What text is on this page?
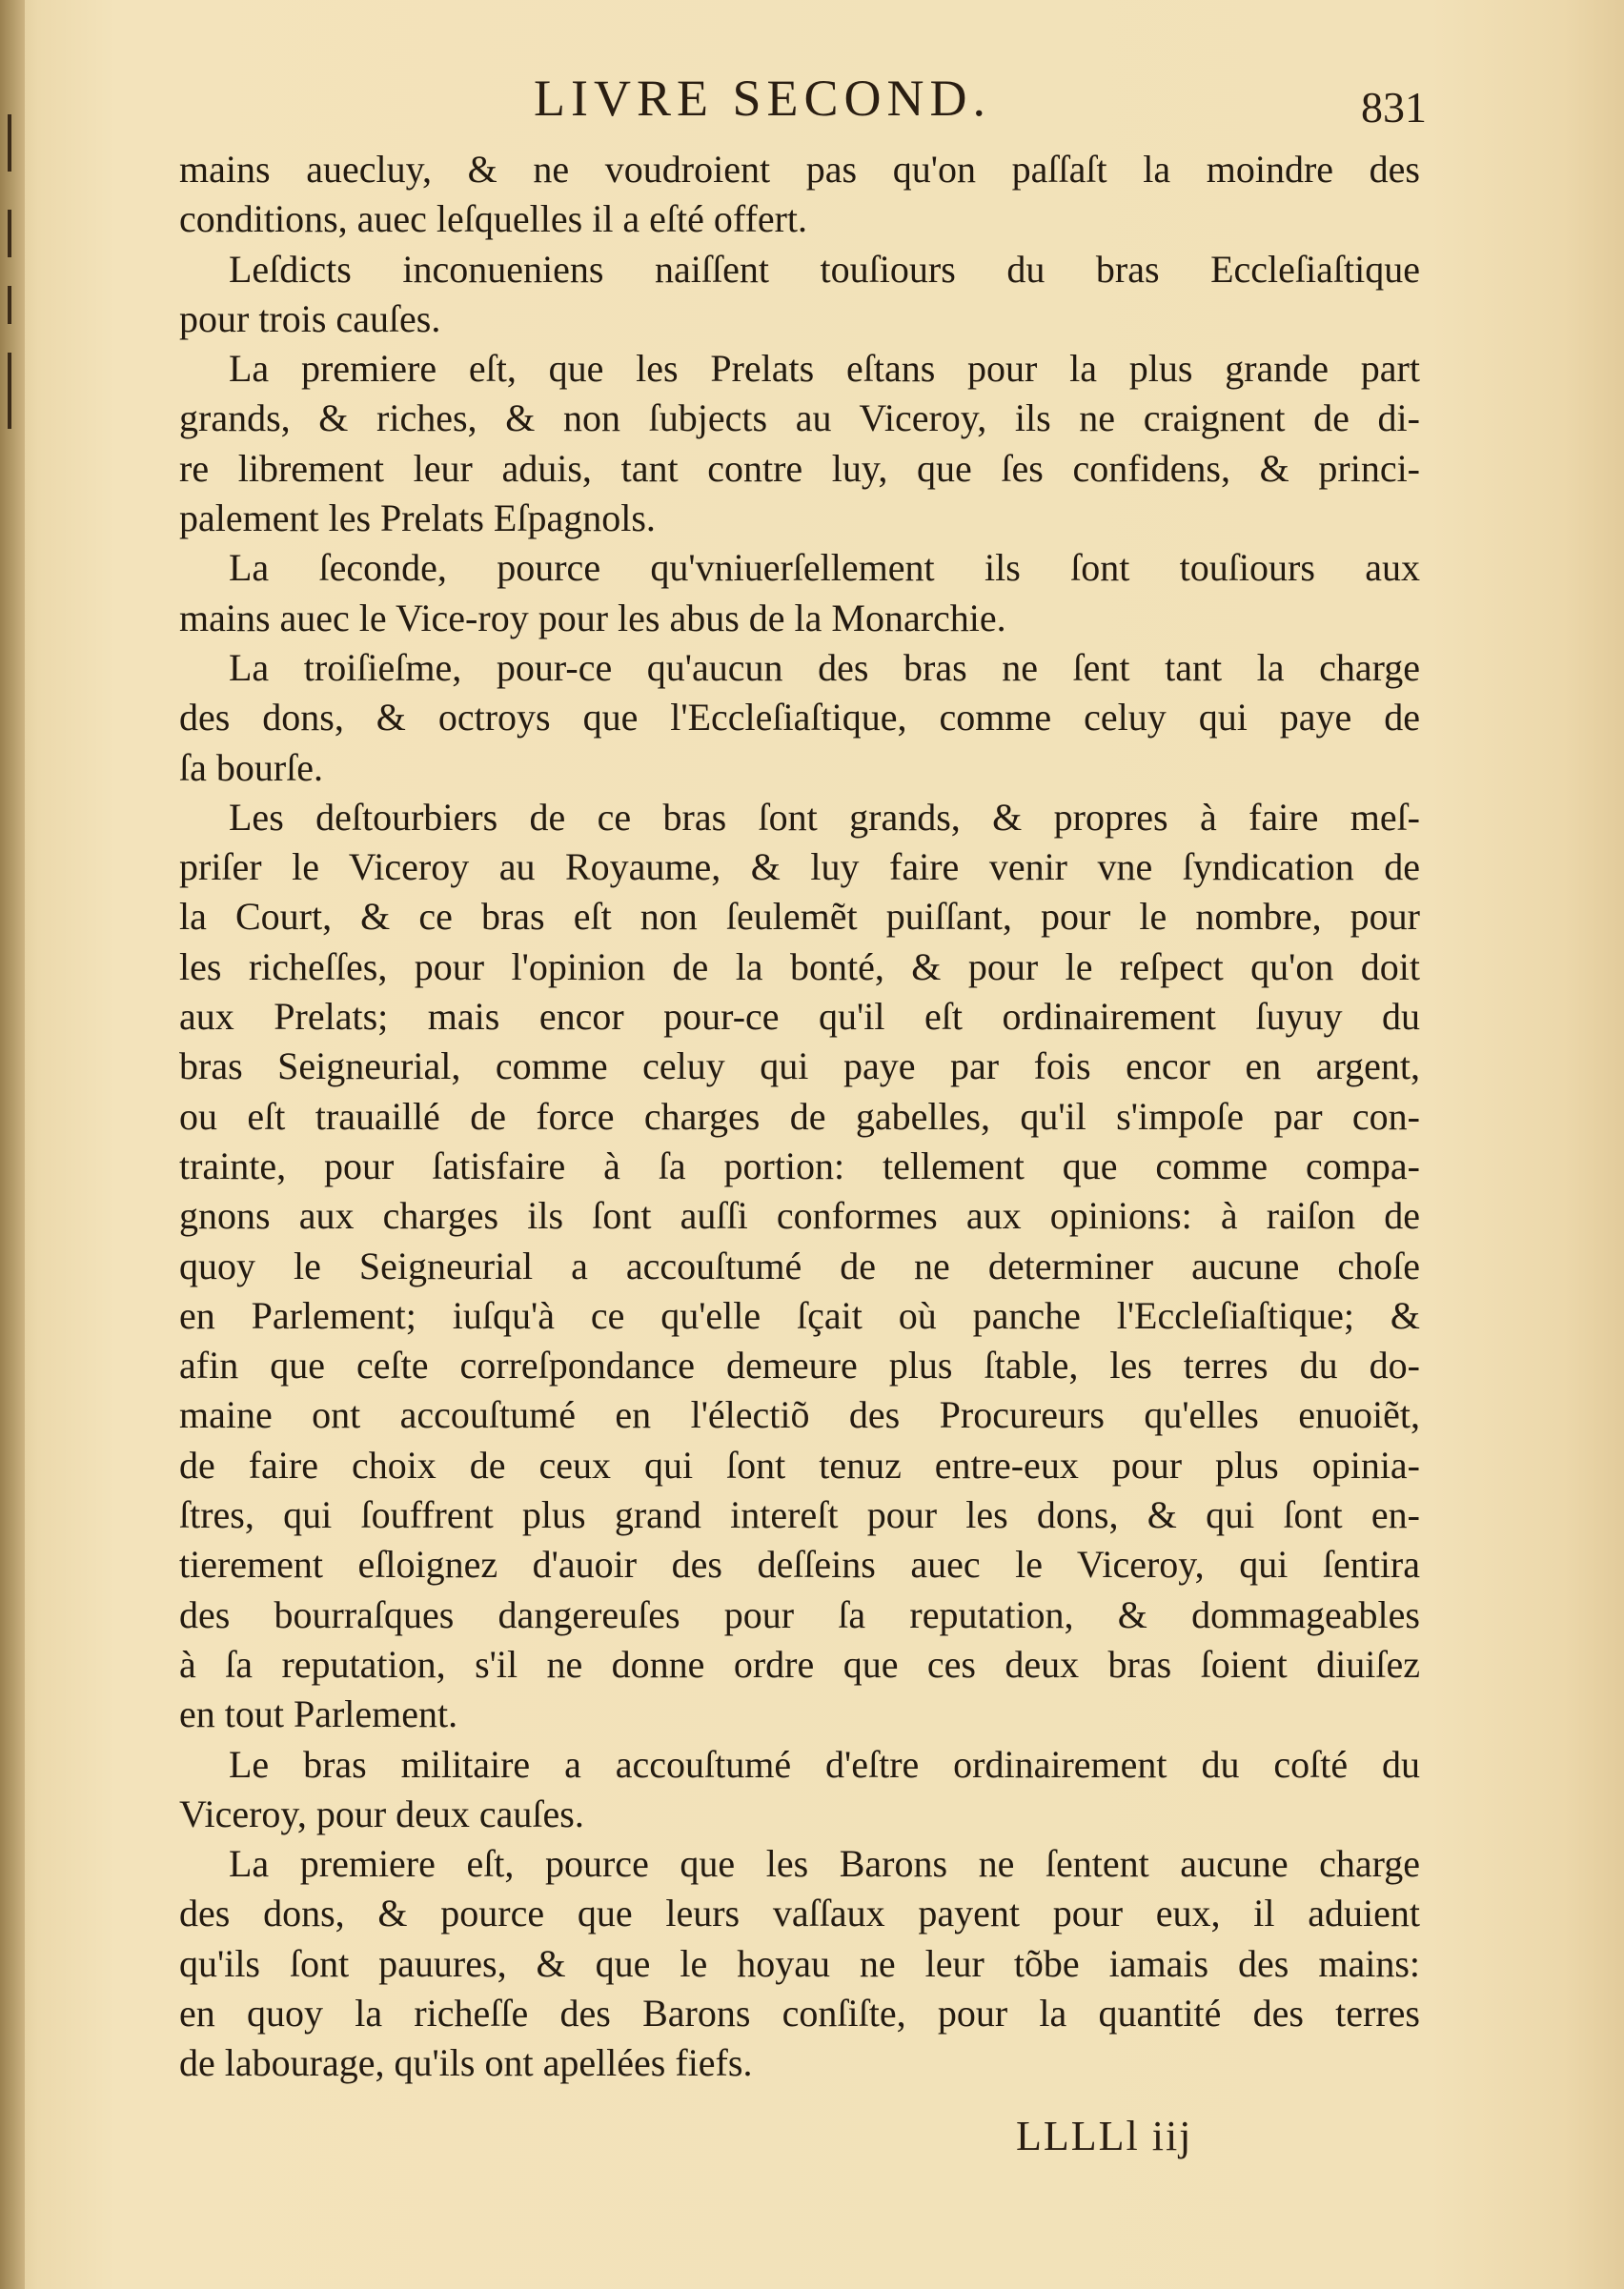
LIVRE SECOND.	831
mains auecluy, & ne voudroient pas qu'on paſſaſt la moindre des
conditions, auec leſquelles il a eſté offert.
Leſdicts inconueniens naiſſent touſiours du bras Eccleſiaſtique
pour trois cauſes.
La premiere eſt, que les Prelats eſtans pour la plus grande part
grands, & riches, & non ſubjects au Viceroy, ils ne craignent de di-
re librement leur aduis, tant contre luy, que ſes confidens, & princi-
palement les Prelats Eſpagnols.
La ſeconde, pource qu'vniuerſellement ils ſont touſiours aux
mains auec le Vice-roy pour les abus de la Monarchie.
La troiſieſme, pour-ce qu'aucun des bras ne ſent tant la charge
des dons, & octroys que l'Eccleſiaſtique, comme celuy qui paye de
ſa bourſe.
Les deſtourbiers de ce bras ſont grands, & propres à faire meſ-
priſer le Viceroy au Royaume, & luy faire venir vne ſyndication de
la Court, & ce bras eſt non ſeulemẽt puiſſant, pour le nombre, pour
les richeſſes, pour l'opinion de la bonté, & pour le reſpect qu'on doit
aux Prelats; mais encor pour-ce qu'il eſt ordinairement ſuyuy du
bras Seigneurial, comme celuy qui paye par fois encor en argent,
ou eſt trauaillé de force charges de gabelles, qu'il s'impoſe par con-
trainte, pour ſatisfaire à ſa portion: tellement que comme compa-
gnons aux charges ils ſont auſſi conformes aux opinions: à raiſon de
quoy le Seigneurial a accouſtumé de ne determiner aucune choſe
en Parlement; iuſqu'à ce qu'elle ſçait où panche l'Eccleſiaſtique; &
afin que ceſte correſpondance demeure plus ſtable, les terres du do-
maine ont accouſtumé en l'électiõ des Procureurs qu'elles enuoiẽt,
de faire choix de ceux qui ſont tenuz entre-eux pour plus opinia-
ſtres, qui ſouffrent plus grand intereſt pour les dons, & qui ſont en-
tierement eſloignez d'auoir des deſſeins auec le Viceroy, qui ſentira
des bourraſques dangereuſes pour ſa reputation, & dommageables
à ſa reputation, s'il ne donne ordre que ces deux bras ſoient diuiſez
en tout Parlement.
Le bras militaire a accouſtumé d'eſtre ordinairement du coſté du
Viceroy, pour deux cauſes.
La premiere eſt, pource que les Barons ne ſentent aucune charge
des dons, & pource que leurs vaſſaux payent pour eux, il aduient
qu'ils ſont pauures, & que le hoyau ne leur tõbe iamais des mains:
en quoy la richeſſe des Barons conſiſte, pour la quantité des terres
de labourage, qu'ils ont apellées fiefs.
LLLLl iij
